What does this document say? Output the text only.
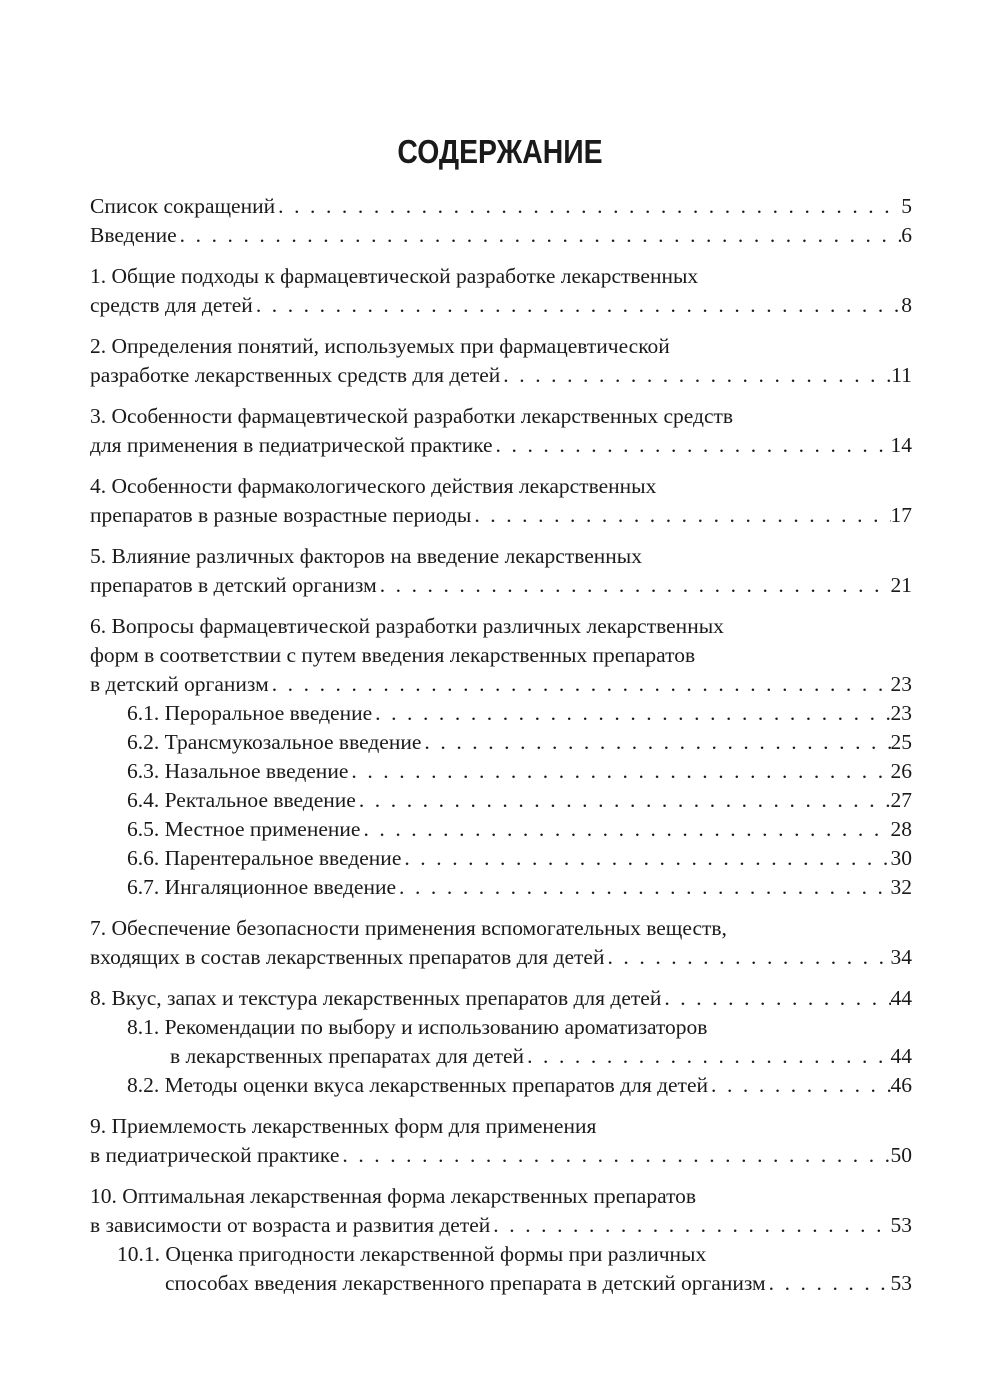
СОДЕРЖАНИЕ
Список сокращений . . .	5
Введение . . .	6
1. Общие подходы к фармацевтической разработке лекарственных
средств для детей . . .	8
2. Определения понятий, используемых при фармацевтической
разработке лекарственных средств для детей . . .	11
3. Особенности фармацевтической разработки лекарственных средств
для применения в педиатрической практике . . .	14
4. Особенности фармакологического действия лекарственных
препаратов в разные возрастные периоды . . .	17
5. Влияние различных факторов на введение лекарственных
препаратов в детский организм . . .	21
6. Вопросы фармацевтической разработки различных лекарственных
форм в соответствии с путем введения лекарственных препаратов
в детский организм . . .	23
6.1. Пероральное введение . . .	23
6.2. Трансмукозальное введение . . .	25
6.3. Назальное введение . . .	26
6.4. Ректальное введение . . .	27
6.5. Местное применение . . .	28
6.6. Парентеральное введение . . .	30
6.7. Ингаляционное введение . . .	32
7. Обеспечение безопасности применения вспомогательных веществ,
входящих в состав лекарственных препаратов для детей . . .	34
8. Вкус, запах и текстура лекарственных препаратов для детей . . .	44
8.1. Рекомендации по выбору и использованию ароматизаторов
в лекарственных препаратах для детей . . .	44
8.2. Методы оценки вкуса лекарственных препаратов для детей . . .	46
9. Приемлемость лекарственных форм для применения
в педиатрической практике . . .	50
10. Оптимальная лекарственная форма лекарственных препаратов
в зависимости от возраста и развития детей . . .	53
10.1. Оценка пригодности лекарственной формы при различных
способах введения лекарственного препарата в детский организм . . .	53
